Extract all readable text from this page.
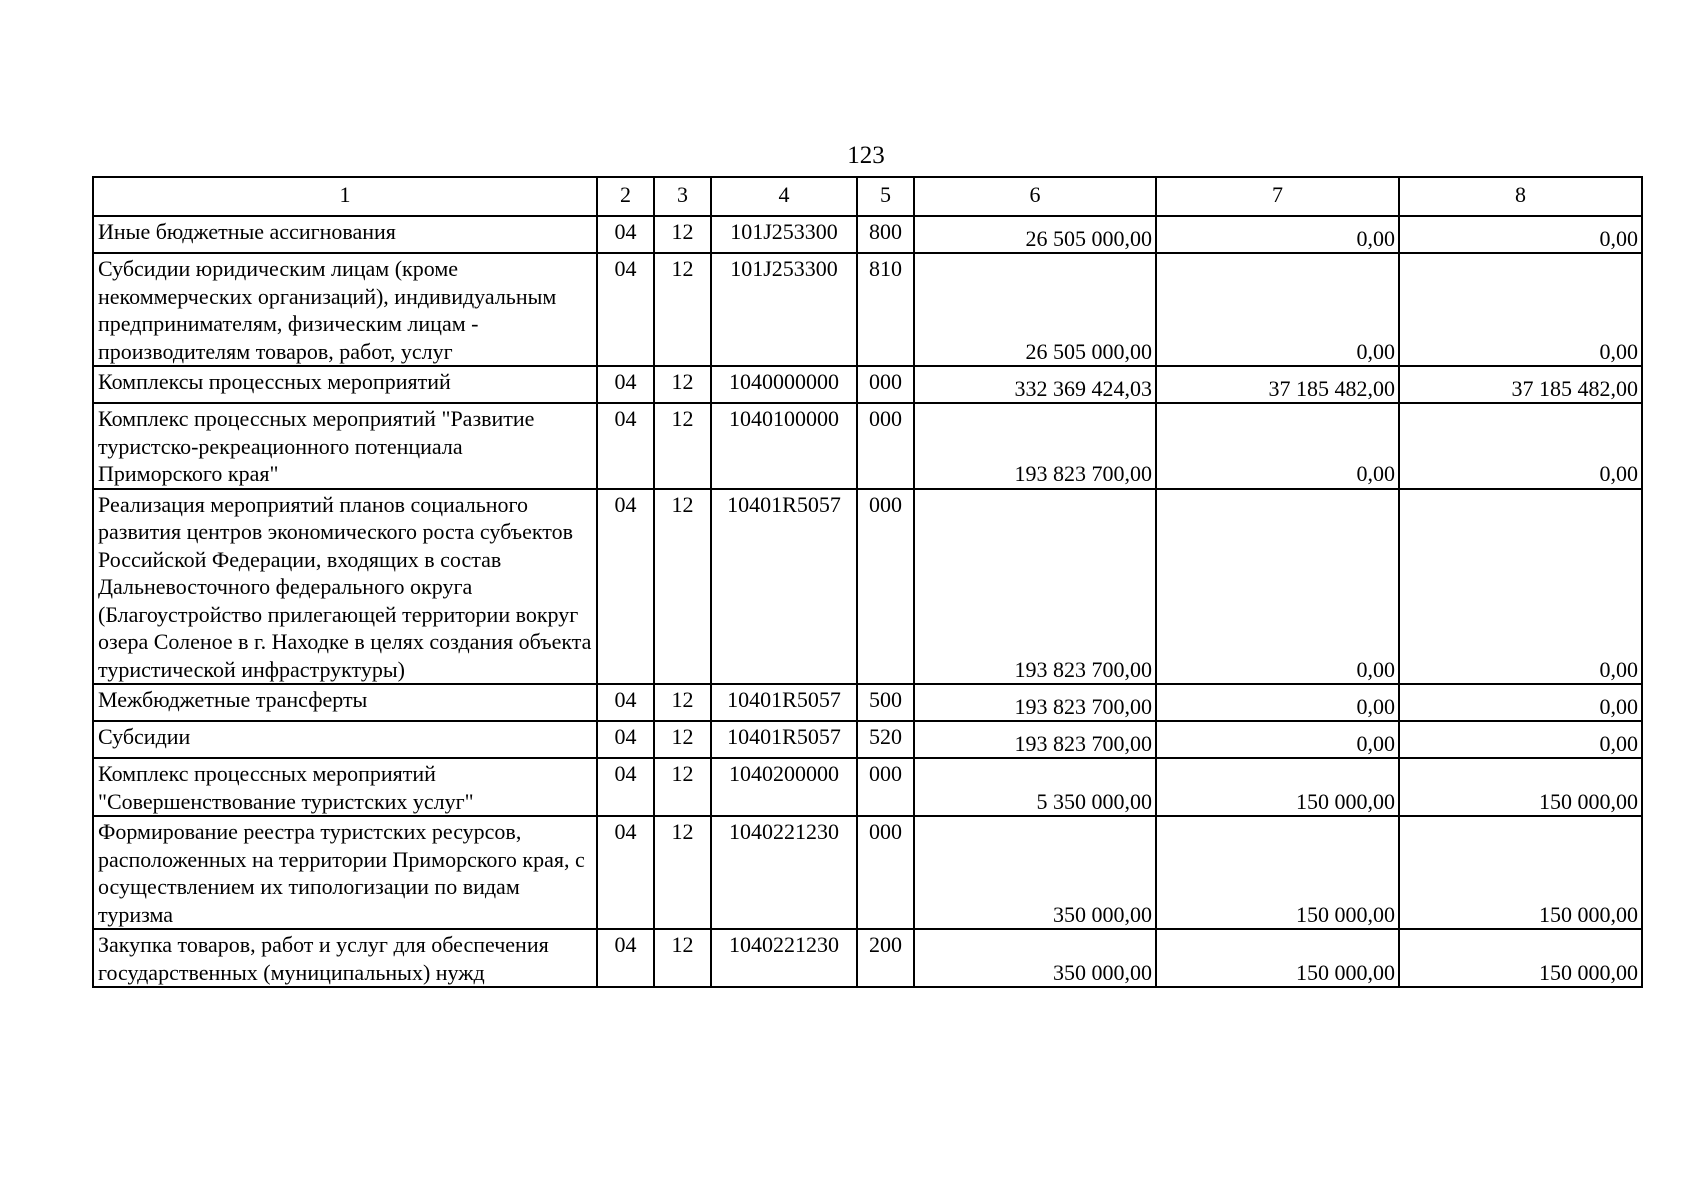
123
1	2	3	4	5	6	7	8
Иные бюджетные ассигнования	04	12	101J253300	800	26 505 000,00	0,00	0,00
Субсидии юридическим лицам (кроме некоммерческих организаций), индивидуальным предпринимателям, физическим лицам - производителям товаров, работ, услуг	04	12	101J253300	810	26 505 000,00	0,00	0,00
Комплексы процессных мероприятий	04	12	1040000000	000	332 369 424,03	37 185 482,00	37 185 482,00
Комплекс процессных мероприятий "Развитие туристско-рекреационного потенциала Приморского края"	04	12	1040100000	000	193 823 700,00	0,00	0,00
Реализация мероприятий планов социального развития центров экономического роста субъектов Российской Федерации, входящих в состав Дальневосточного федерального округа (Благоустройство прилегающей территории вокруг озера Соленое в г. Находке в целях создания объекта туристической инфраструктуры)	04	12	10401R5057	000	193 823 700,00	0,00	0,00
Межбюджетные трансферты	04	12	10401R5057	500	193 823 700,00	0,00	0,00
Субсидии	04	12	10401R5057	520	193 823 700,00	0,00	0,00
Комплекс процессных мероприятий "Совершенствование туристских услуг"	04	12	1040200000	000	5 350 000,00	150 000,00	150 000,00
Формирование реестра туристских ресурсов, расположенных на территории Приморского края, с осуществлением их типологизации по видам туризма	04	12	1040221230	000	350 000,00	150 000,00	150 000,00
Закупка товаров, работ и услуг для обеспечения государственных (муниципальных) нужд	04	12	1040221230	200	350 000,00	150 000,00	150 000,00
